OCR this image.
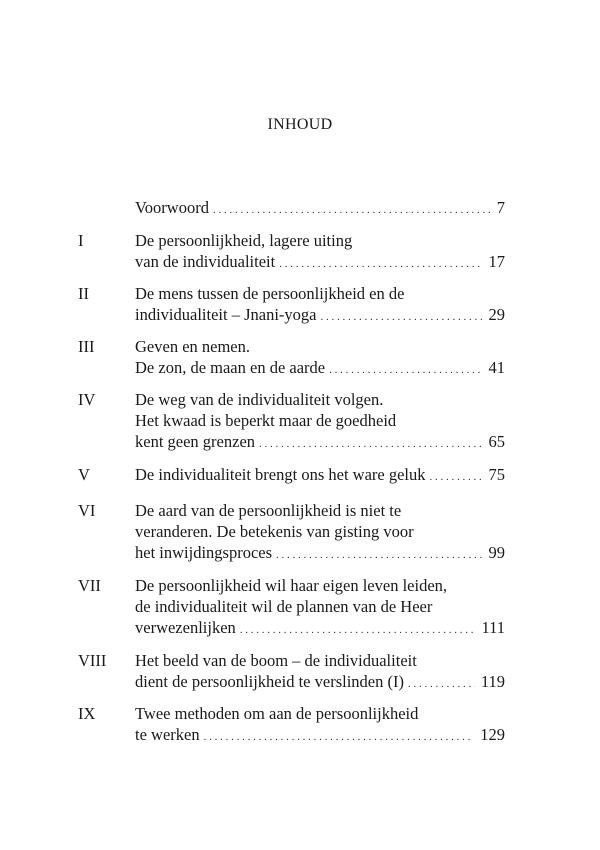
INHOUD
Voorwoord . . .	7
I	De persoonlijkheid, lagere uiting
van de individualiteit . . .	17
II	De mens tussen de persoonlijkheid en de
individualiteit – Jnani-yoga . . .	29
III Geven en nemen.
De zon, de maan en de aarde . . .	41
IV De weg van de individualiteit volgen.
Het kwaad is beperkt maar de goedheid
kent geen grenzen . . .	65
V	De individualiteit brengt ons het ware geluk . . .	75
VI De aard van de persoonlijkheid is niet te
veranderen. De betekenis van gisting voor
het inwijdingsproces . . .	99
VII De persoonlijkheid wil haar eigen leven leiden,
de individualiteit wil de plannen van de Heer
verwezenlijken . . .	111
VIII Het beeld van de boom – de individualiteit
dient de persoonlijkheid te verslinden (I) . . .	119
IX Twee methoden om aan de persoonlijkheid
te werken . . .	129
